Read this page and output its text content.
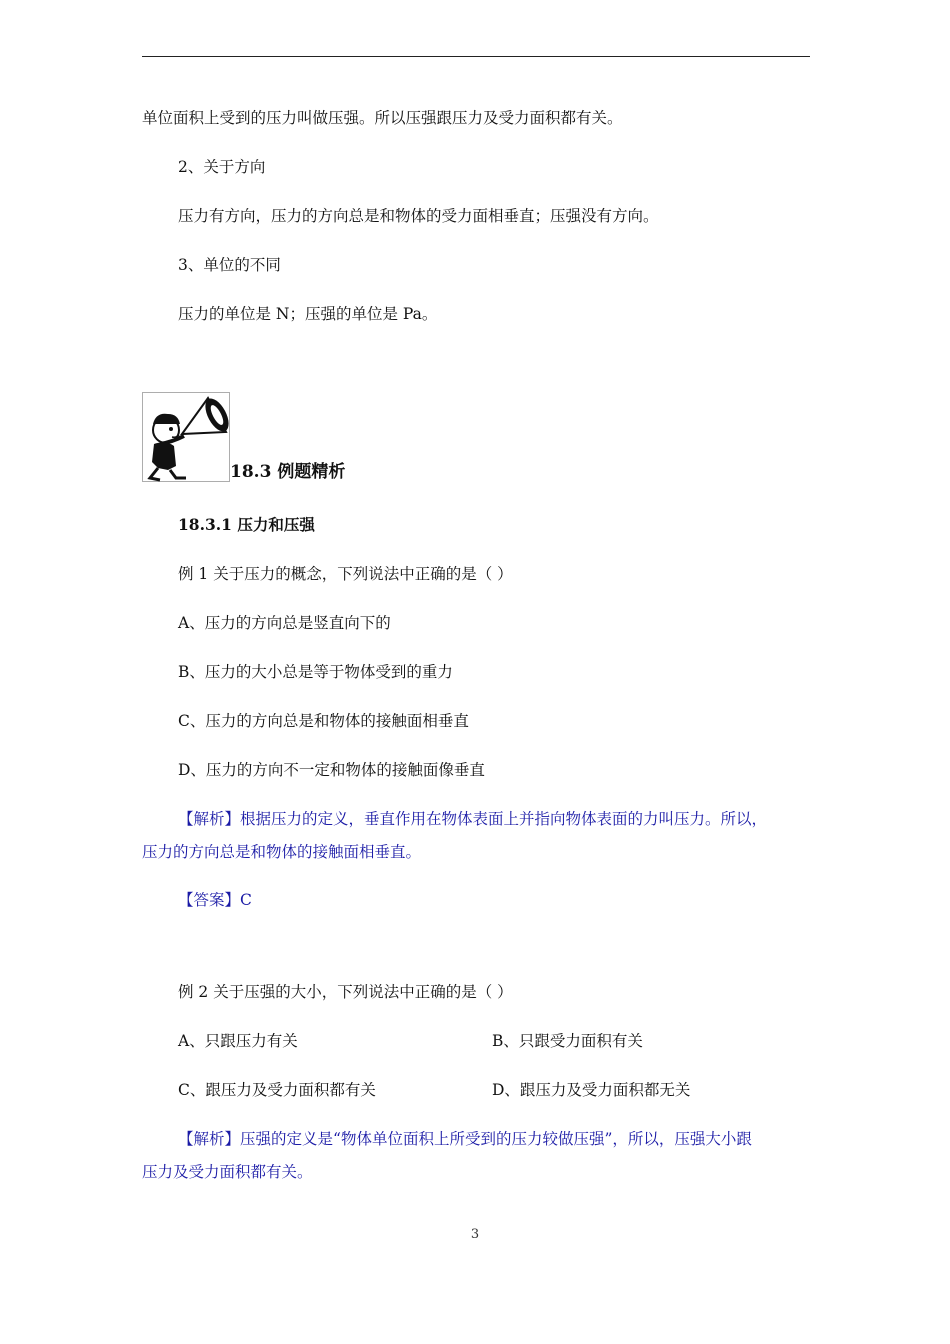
单位面积上受到的压力叫做压强。所以压强跟压力及受力面积都有关。
2、关于方向
压力有方向，压力的方向总是和物体的受力面相垂直；压强没有方向。
3、单位的不同
压力的单位是 N；压强的单位是 Pa。
18.3 例题精析
18.3.1 压力和压强
例 1 关于压力的概念，下列说法中正确的是（ ）
A、压力的方向总是竖直向下的
B、压力的大小总是等于物体受到的重力
C、压力的方向总是和物体的接触面相垂直
D、压力的方向不一定和物体的接触面像垂直
【解析】根据压力的定义，垂直作用在物体表面上并指向物体表面的力叫压力。所以，
压力的方向总是和物体的接触面相垂直。
【答案】C
例 2 关于压强的大小，下列说法中正确的是（ ）
A、只跟压力有关	B、只跟受力面积有关
C、跟压力及受力面积都有关	D、跟压力及受力面积都无关
【解析】压强的定义是“物体单位面积上所受到的压力较做压强”，所以，压强大小跟
压力及受力面积都有关。
3
